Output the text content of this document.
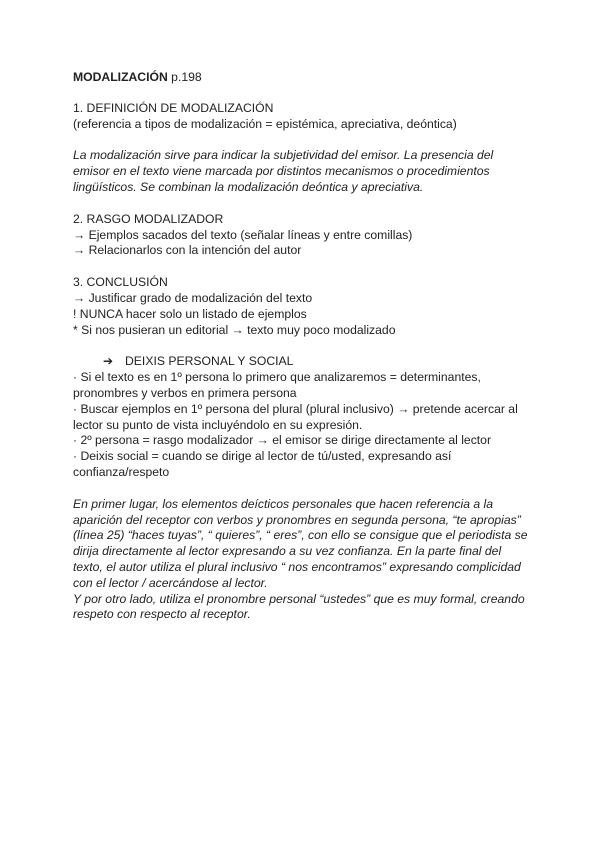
MODALIZACIÓN p.198
1. DEFINICIÓN DE MODALIZACIÓN
(referencia a tipos de modalización = epistémica, apreciativa, deóntica)
La modalización sirve para indicar la subjetividad del emisor. La presencia del
emisor en el texto viene marcada por distintos mecanismos o procedimientos
lingüísticos. Se combinan la modalización deóntica y apreciativa.
2. RASGO MODALIZADOR
→ Ejemplos sacados del texto (señalar líneas y entre comillas)
→ Relacionarlos con la intención del autor
3. CONCLUSIÓN
→ Justificar grado de modalización del texto
! NUNCA hacer solo un listado de ejemplos
* Si nos pusieran un editorial → texto muy poco modalizado
➔ DEIXIS PERSONAL Y SOCIAL
· Si el texto es en 1º persona lo primero que analizaremos = determinantes,
pronombres y verbos en primera persona
· Buscar ejemplos en 1º persona del plural (plural inclusivo) → pretende acercar al
lector su punto de vista incluyéndolo en su expresión.
· 2º persona = rasgo modalizador → el emisor se dirige directamente al lector
· Deixis social = cuando se dirige al lector de tú/usted, expresando así
confianza/respeto
En primer lugar, los elementos deícticos personales que hacen referencia a la
aparición del receptor con verbos y pronombres en segunda persona, “te apropias”
(línea 25) “haces tuyas”, “ quieres”, “ eres”, con ello se consigue que el periodista se
dirija directamente al lector expresando a su vez confianza. En la parte final del
texto, el autor utiliza el plural inclusivo “ nos encontramos” expresando complicidad
con el lector / acercándose al lector.
Y por otro lado, utiliza el pronombre personal “ustedes” que es muy formal, creando
respeto con respecto al receptor.
